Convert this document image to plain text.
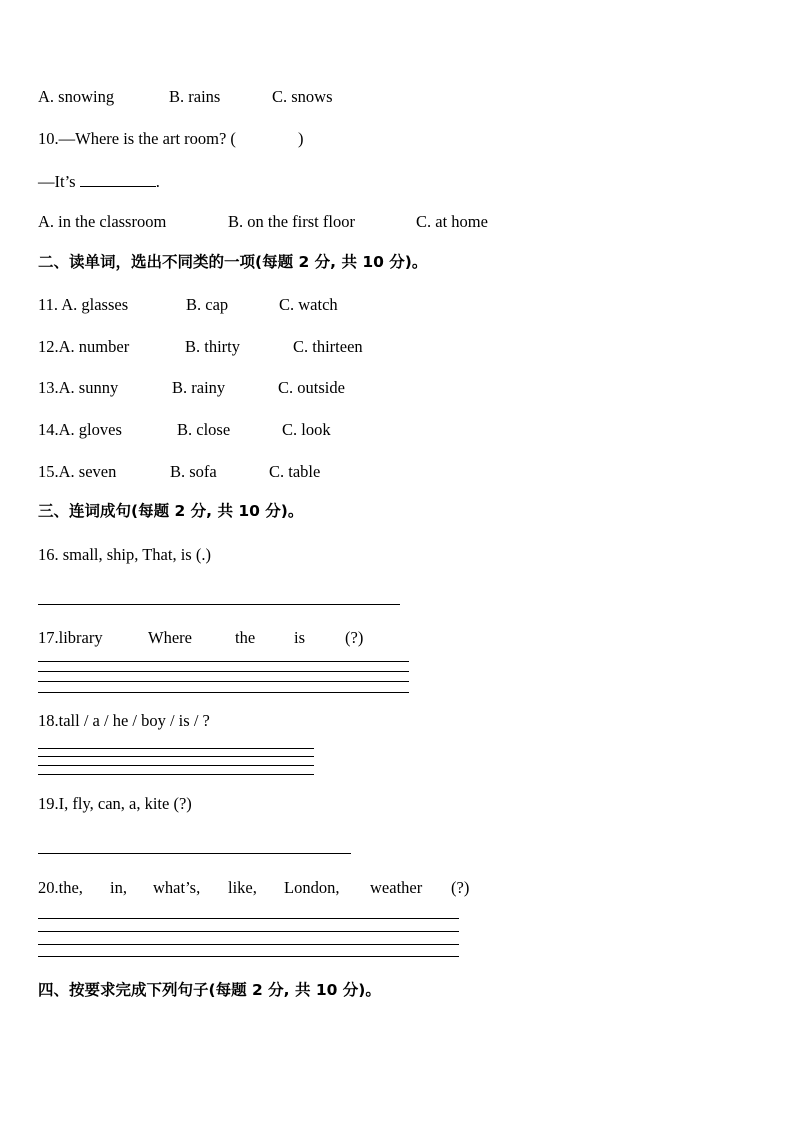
A. snowing	B. rains	C. snows
10.—Where is the art room? (	)
—It’s	.
A. in the classroom	B. on the first floor	C. at home
二、读单词，选出不同类的一项(每题 2 分, 共 10 分)。
11. A. glasses	B. cap	C. watch
12.A. number	B. thirty	C. thirteen
13.A. sunny	B. rainy	C. outside
14.A. gloves	B. close	C. look
15.A. seven	B. sofa	C. table
三、连词成句(每题 2 分, 共 10 分)。
16. small, ship, That, is (.)
17.library	Where	the is (?)
18.tall / a / he / boy / is / ?
19.I, fly, can, a, kite (?)
20.the, in, what’s, like, London, weather (?)
四、按要求完成下列句子(每题 2 分, 共 10 分)。
